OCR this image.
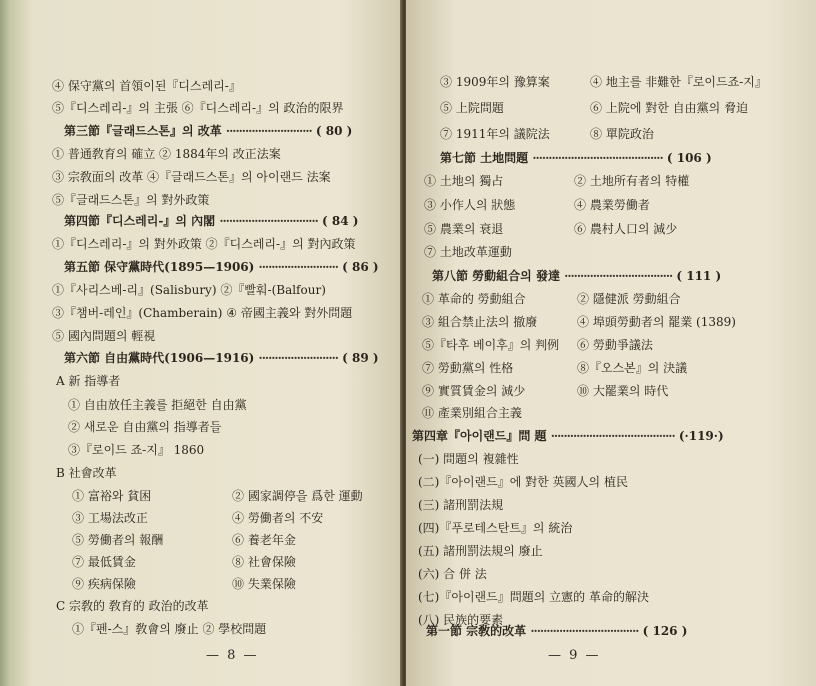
④ 保守黨의 首領이된『디스레리-』
⑤『디스레리-』의 主張 ⑥『디스레리-』의 政治的限界
第三節『글래드스톤』의 改革 ··························· ( 80 )
① 普通敎育의 確立 ② 1884年의 改正法案
③ 宗敎面의 改革 ④『글래드스톤』의 아이랜드 法案
⑤『글래드스톤』의 對外政策
第四節『디스레리-』의 內閣 ······························· ( 84 )
①『디스레리-』의 對外政策 ②『디스레리-』의 對內政策
第五節 保守黨時代(1895—1906) ························· ( 86 )
①『사리스베-리』(Salisbury) ②『빨훠-(Balfour)
③『챔버-레인』(Chamberain) ④ 帝國主義와 對外問題
⑤ 國內問題의 輕視
第六節 自由黨時代(1906—1916) ························· ( 89 )
A 新 指導者
① 自由放任主義를 拒絕한 自由黨
② 새로운 自由黨의 指導者들
③『로이드 죠-지』 1860
B 社會改革
① 富裕와 貧困	② 國家調停을 爲한 運動
③ 工場法改正	④ 勞働者의 不安
⑤ 勞働者의 報酬	⑥ 養老年金
⑦ 最低賃金	⑧ 社會保險
⑨ 疾病保險	⑩ 失業保險
C 宗敎的 敎育的 政治的改革
①『펜-스』敎會의 廢止 ② 學校問題
— 8 —
③ 1909年의 豫算案	④ 地主를 非難한『로이드죠-지』
⑤ 上院問題	⑥ 上院에 對한 自由黨의 脅迫
⑦ 1911年의 議院法	⑧ 單院政治
第七節 土地問題 ········································· ( 106 )
① 土地의 獨占	② 土地所有者의 特權
③ 小作人의 狀態	④ 農業勞働者
⑤ 農業의 衰退	⑥ 農村人口의 減少
⑦ 土地改革運動
第八節 勞動組合의 發達 ·································· ( 111 )
① 革命的 勞動組合	② 隱健派 勞動組合
③ 組合禁止法의 撤廢	④ 埠頭勞動者의 罷業 (1389)
⑤『타후 베이후』의 判例 ⑥ 勞動爭議法
⑦ 勞動黨의 性格	⑧『오스본』의 決議
⑨ 實質賃金의 減少	⑩ 大罷業의 時代
⑪ 產業別組合主義
第四章『아이랜드』問 題 ······································· (·119·)
(一) 問題의 複雜性
(二)『아이랜드』에 對한 英國人의 植民
(三) 諸刑罰法規
(四)『푸로테스탄트』의 統治
(五) 諸刑罰法規의 廢止
(六) 合 併 法
(七)『아이랜드』問題의 立憲的 革命的解決
(八) 民族的要素
第一節 宗敎的改革 ·································· ( 126 )
— 9 —
